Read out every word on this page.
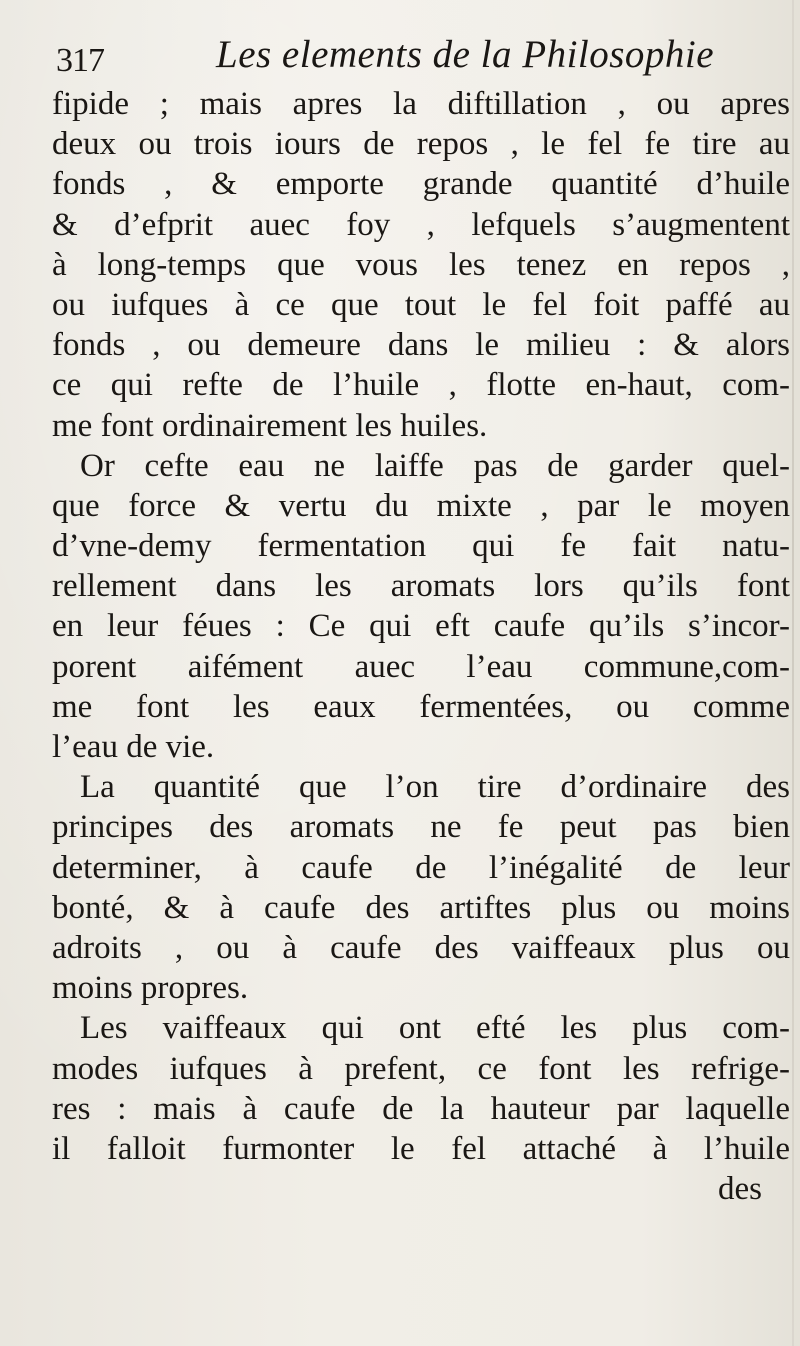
317	Les elements de la Philosophie
fipide ; mais apres la diftillation , ou apres
deux ou trois iours de repos , le fel fe tire au
fonds , & emporte grande quantité d’huile
& d’efprit auec foy , lefquels s’augmentent
à long-temps que vous les tenez en repos ,
ou iufques à ce que tout le fel foit paffé au
fonds , ou demeure dans le milieu : & alors
ce qui refte de l’huile , flotte en-haut, com-
me font ordinairement les huiles.
Or cefte eau ne laiffe pas de garder quel-
que force & vertu du mixte , par le moyen
d’vne-demy fermentation qui fe fait natu-
rellement dans les aromats lors qu’ils font
en leur féues : Ce qui eft caufe qu’ils s’incor-
porent aifément auec l’eau commune,com-
me font les eaux fermentées, ou comme
l’eau de vie.
La quantité que l’on tire d’ordinaire des
principes des aromats ne fe peut pas bien
determiner, à caufe de l’inégalité de leur
bonté, & à caufe des artiftes plus ou moins
adroits , ou à caufe des vaiffeaux plus ou
moins propres.
Les vaiffeaux qui ont efté les plus com-
modes iufques à prefent, ce font les refrige-
res : mais à caufe de la hauteur par laquelle
il falloit furmonter le fel attaché à l’huile
des
